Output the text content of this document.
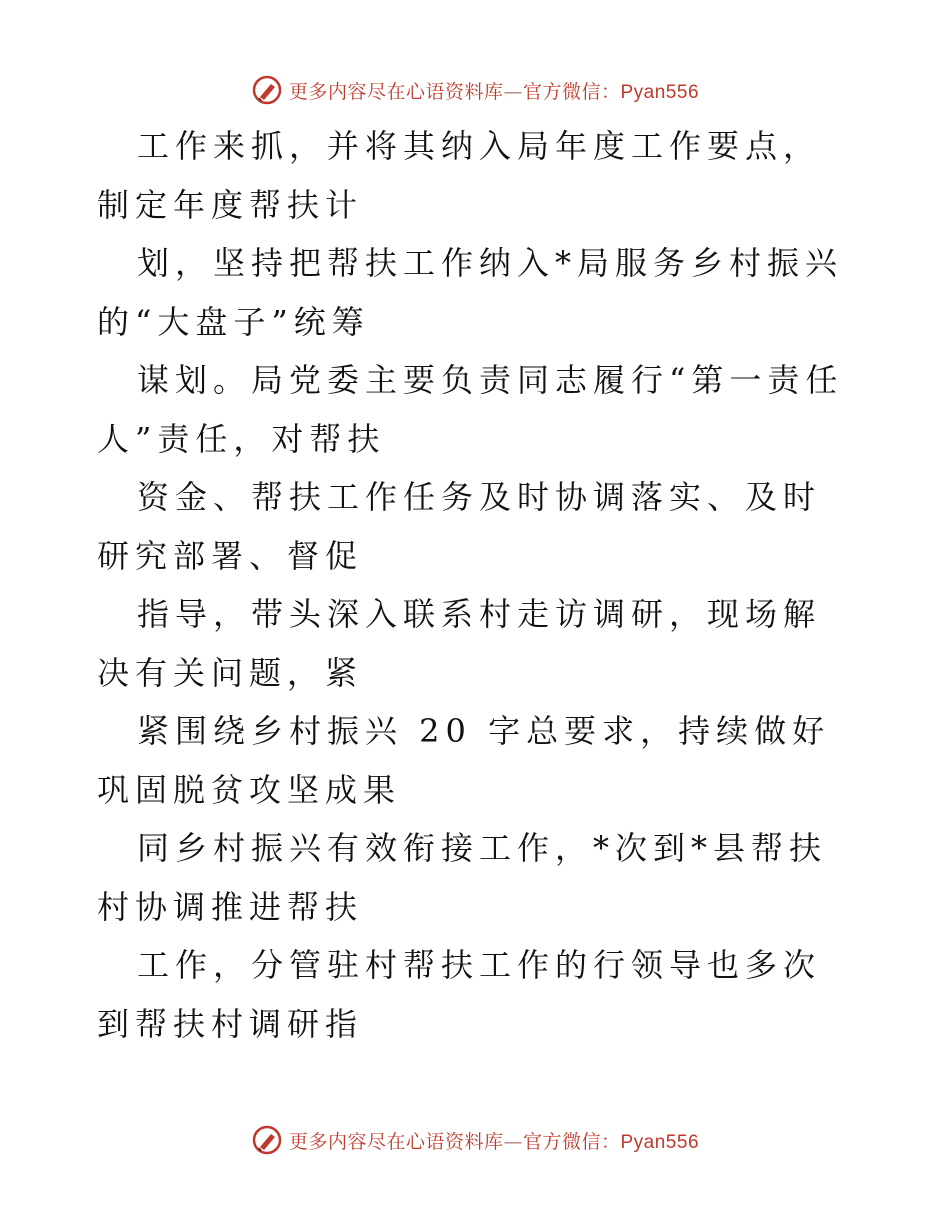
更多内容尽在心语资料库—官方微信：Pyan556

工作来抓，并将其纳入局年度工作要点，制定年度帮扶计

划，坚持把帮扶工作纳入*局服务乡村振兴的“大盘子”统筹

谋划。局党委主要负责同志履行“第一责任人”责任，对帮扶

资金、帮扶工作任务及时协调落实、及时研究部署、督促

指导，带头深入联系村走访调研，现场解决有关问题，紧

紧围绕乡村振兴 20 字总要求，持续做好巩固脱贫攻坚成果

同乡村振兴有效衔接工作，*次到*县帮扶村协调推进帮扶

工作，分管驻村帮扶工作的行领导也多次到帮扶村调研指

更多内容尽在心语资料库—官方微信：Pyan556
